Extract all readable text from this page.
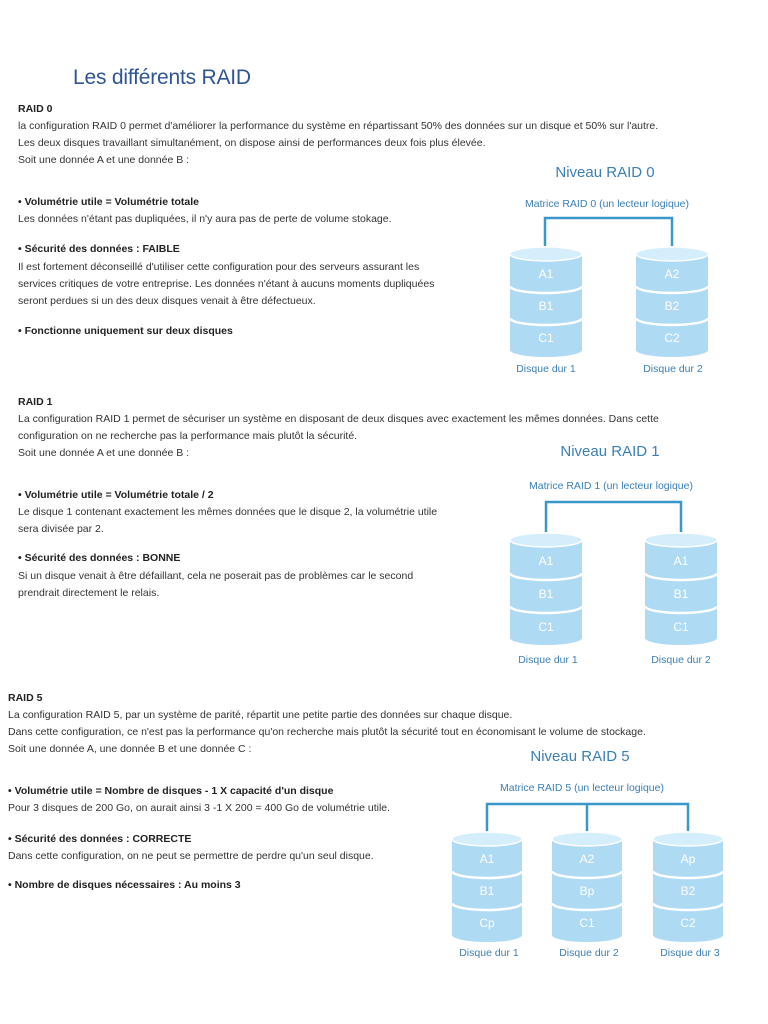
Les différents RAID

RAID 0

la configuration RAID 0 permet d'améliorer la performance du système en répartissant 50% des données sur un disque et 50% sur l'autre.

Les deux disques travaillant simultanément, on dispose ainsi de performances deux fois plus élevée.

Soit une donnée A et une donnée B :

• Volumétrie utile = Volumétrie totale

Les données n'étant pas dupliquées, il n'y aura pas de perte de volume stokage.

• Sécurité des données : FAIBLE

Il est fortement déconseillé d'utiliser cette configuration pour des serveurs assurant les

services critiques de votre entreprise. Les données n'étant à aucuns moments dupliquées

seront perdues si un des deux disques venait à être défectueux.

• Fonctionne uniquement sur deux disques

Niveau RAID 0
Matrice RAID 0 (un lecteur logique)
A1
B1
C1
Disque dur 1
A2
B2
C2
Disque dur 2

RAID 1

La configuration RAID 1 permet de sécuriser un système en disposant de deux disques avec exactement les mêmes données. Dans cette

configuration on ne recherche pas la performance mais plutôt la sécurité.

Soit une donnée A et une donnée B :

• Volumétrie utile = Volumétrie totale / 2

Le disque 1 contenant exactement les mêmes données que le disque 2, la volumétrie utile

sera divisée par 2.

• Sécurité des données : BONNE

Si un disque venait à être défaillant, cela ne poserait pas de problèmes car le second

prendrait directement le relais.

Niveau RAID 1
Matrice RAID 1 (un lecteur logique)
A1
B1
C1
Disque dur 1
A1
B1
C1
Disque dur 2

RAID 5

La configuration RAID 5, par un système de parité, répartit une petite partie des données sur chaque disque.

Dans cette configuration, ce n'est pas la performance qu'on recherche mais plutôt la sécurité tout en économisant le volume de stockage.

Soit une donnée A, une donnée B et une donnée C :

• Volumétrie utile = Nombre de disques - 1 X capacité d'un disque

Pour 3 disques de 200 Go, on aurait ainsi 3 -1 X 200 = 400 Go de volumétrie utile.

• Sécurité des données : CORRECTE

Dans cette configuration, on ne peut se permettre de perdre qu'un seul disque.

• Nombre de disques nécessaires : Au moins 3

Niveau RAID 5
Matrice RAID 5 (un lecteur logique)
A1
B1
Cp
Disque dur 1
A2
Bp
C1
Disque dur 2
Ap
B2
C2
Disque dur 3
